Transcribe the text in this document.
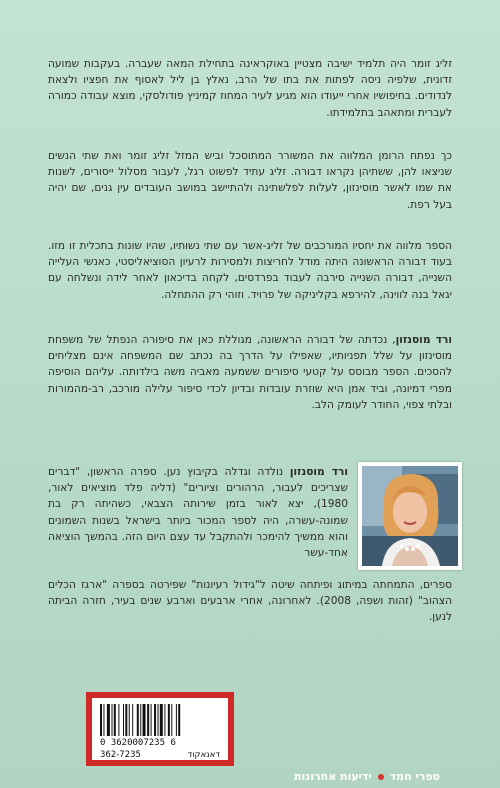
זליג זומר היה תלמיד ישיבה מצטיין באוקראינה בתחילת המאה שעברה. בעקבות שמועה זדונית, שלפיה ניסה לפתות את בתו של הרב, נאלץ בן ליל לאסוף את חפציו ולצאת לנדודים. בחיפושיו אחרי ייעודו הוא מגיע לעיר המחוז קמיניץ פודולסקי, מוצא עבודה כמורה לעברית ומתאהב בתלמידתו.

כך נפתח הרומן המלווה את המשורר המתוסכל וביש המזל זליג זומר ואת שתי הנשים שניצאו להן, ששתיהן נקראו דבורה. זליג עתיד לפשוט רגל, לעבור מסלול ייסורים, לשנות את שמו לאשר מוסינזון, לעלות לפלשתינה ולהתיישב במושב העובדים עין גנים, שם יהיה בעל רפת.

הספר מלווה את יחסיו המורכבים של זליג-אשר עם שתי נשותיו, שהיו שונות בתכלית זו מזו. בעוד דבורה הראשונה היתה מודל לחריצות ולמסירות לרעיון הסוציאליסטי, כאנשי העלייה השנייה, דבורה השנייה סירבה לעבוד בפרדסים, לקחה בדיכאון לאחר לידה ונשלחה עם יגאל בנה לווינה, להירפא בקליניקה של פרויד. וזוהי רק ההתחלה.

ורד מוסנזון, נכדתה של דבורה הראשונה, מגוללת כאן את סיפורה הנפתל של משפחת מוסינזון על שלל תפניותיו, שאפילו על הדרך בה נכתב שם המשפחה אינם מצליחים להסכים. הספר מבוסס על קטעי סיפורים ששמעה מאביה משה בילדותה. עליהם הוסיפה מפרי דמיונה, וביד אמן היא שוזרת עובדות ובדיון לכדי סיפור עלילה מורכב, רב-מהמורות ובלתי צפוי, החודר לעומק הלב.

ורד מוסנזון נולדה וגדלה בקיבוץ נען. ספרה הראשון, "דברים שצריכים לעבור, הרהורים וציורים" (דליה פלד מוציאים לאור, 1980), יצא לאור בזמן שירותה הצבאי, כשהיתה רק בת שמונה-עשרה, היה לספר המכור ביותר בישראל בשנות השמונים והוא ממשיך להימכר ולהתקבל עד עצם היום הזה. בהמשך הוציאה אחד-עשר

ספרים, התמחתה במיתוג ופיתחה שיטה ל"גידול רעיונות" שפירטה בספרה "ארגז הכלים הצהוב" (זהות ושפה, 2008). לאחרונה, אחרי ארבעים וארבע שנים בעיר, חזרה הביתה לנען.

0 3620007235 6
362-7235	דאנאקוד
ספרי חמד
ידיעות אחרונות
